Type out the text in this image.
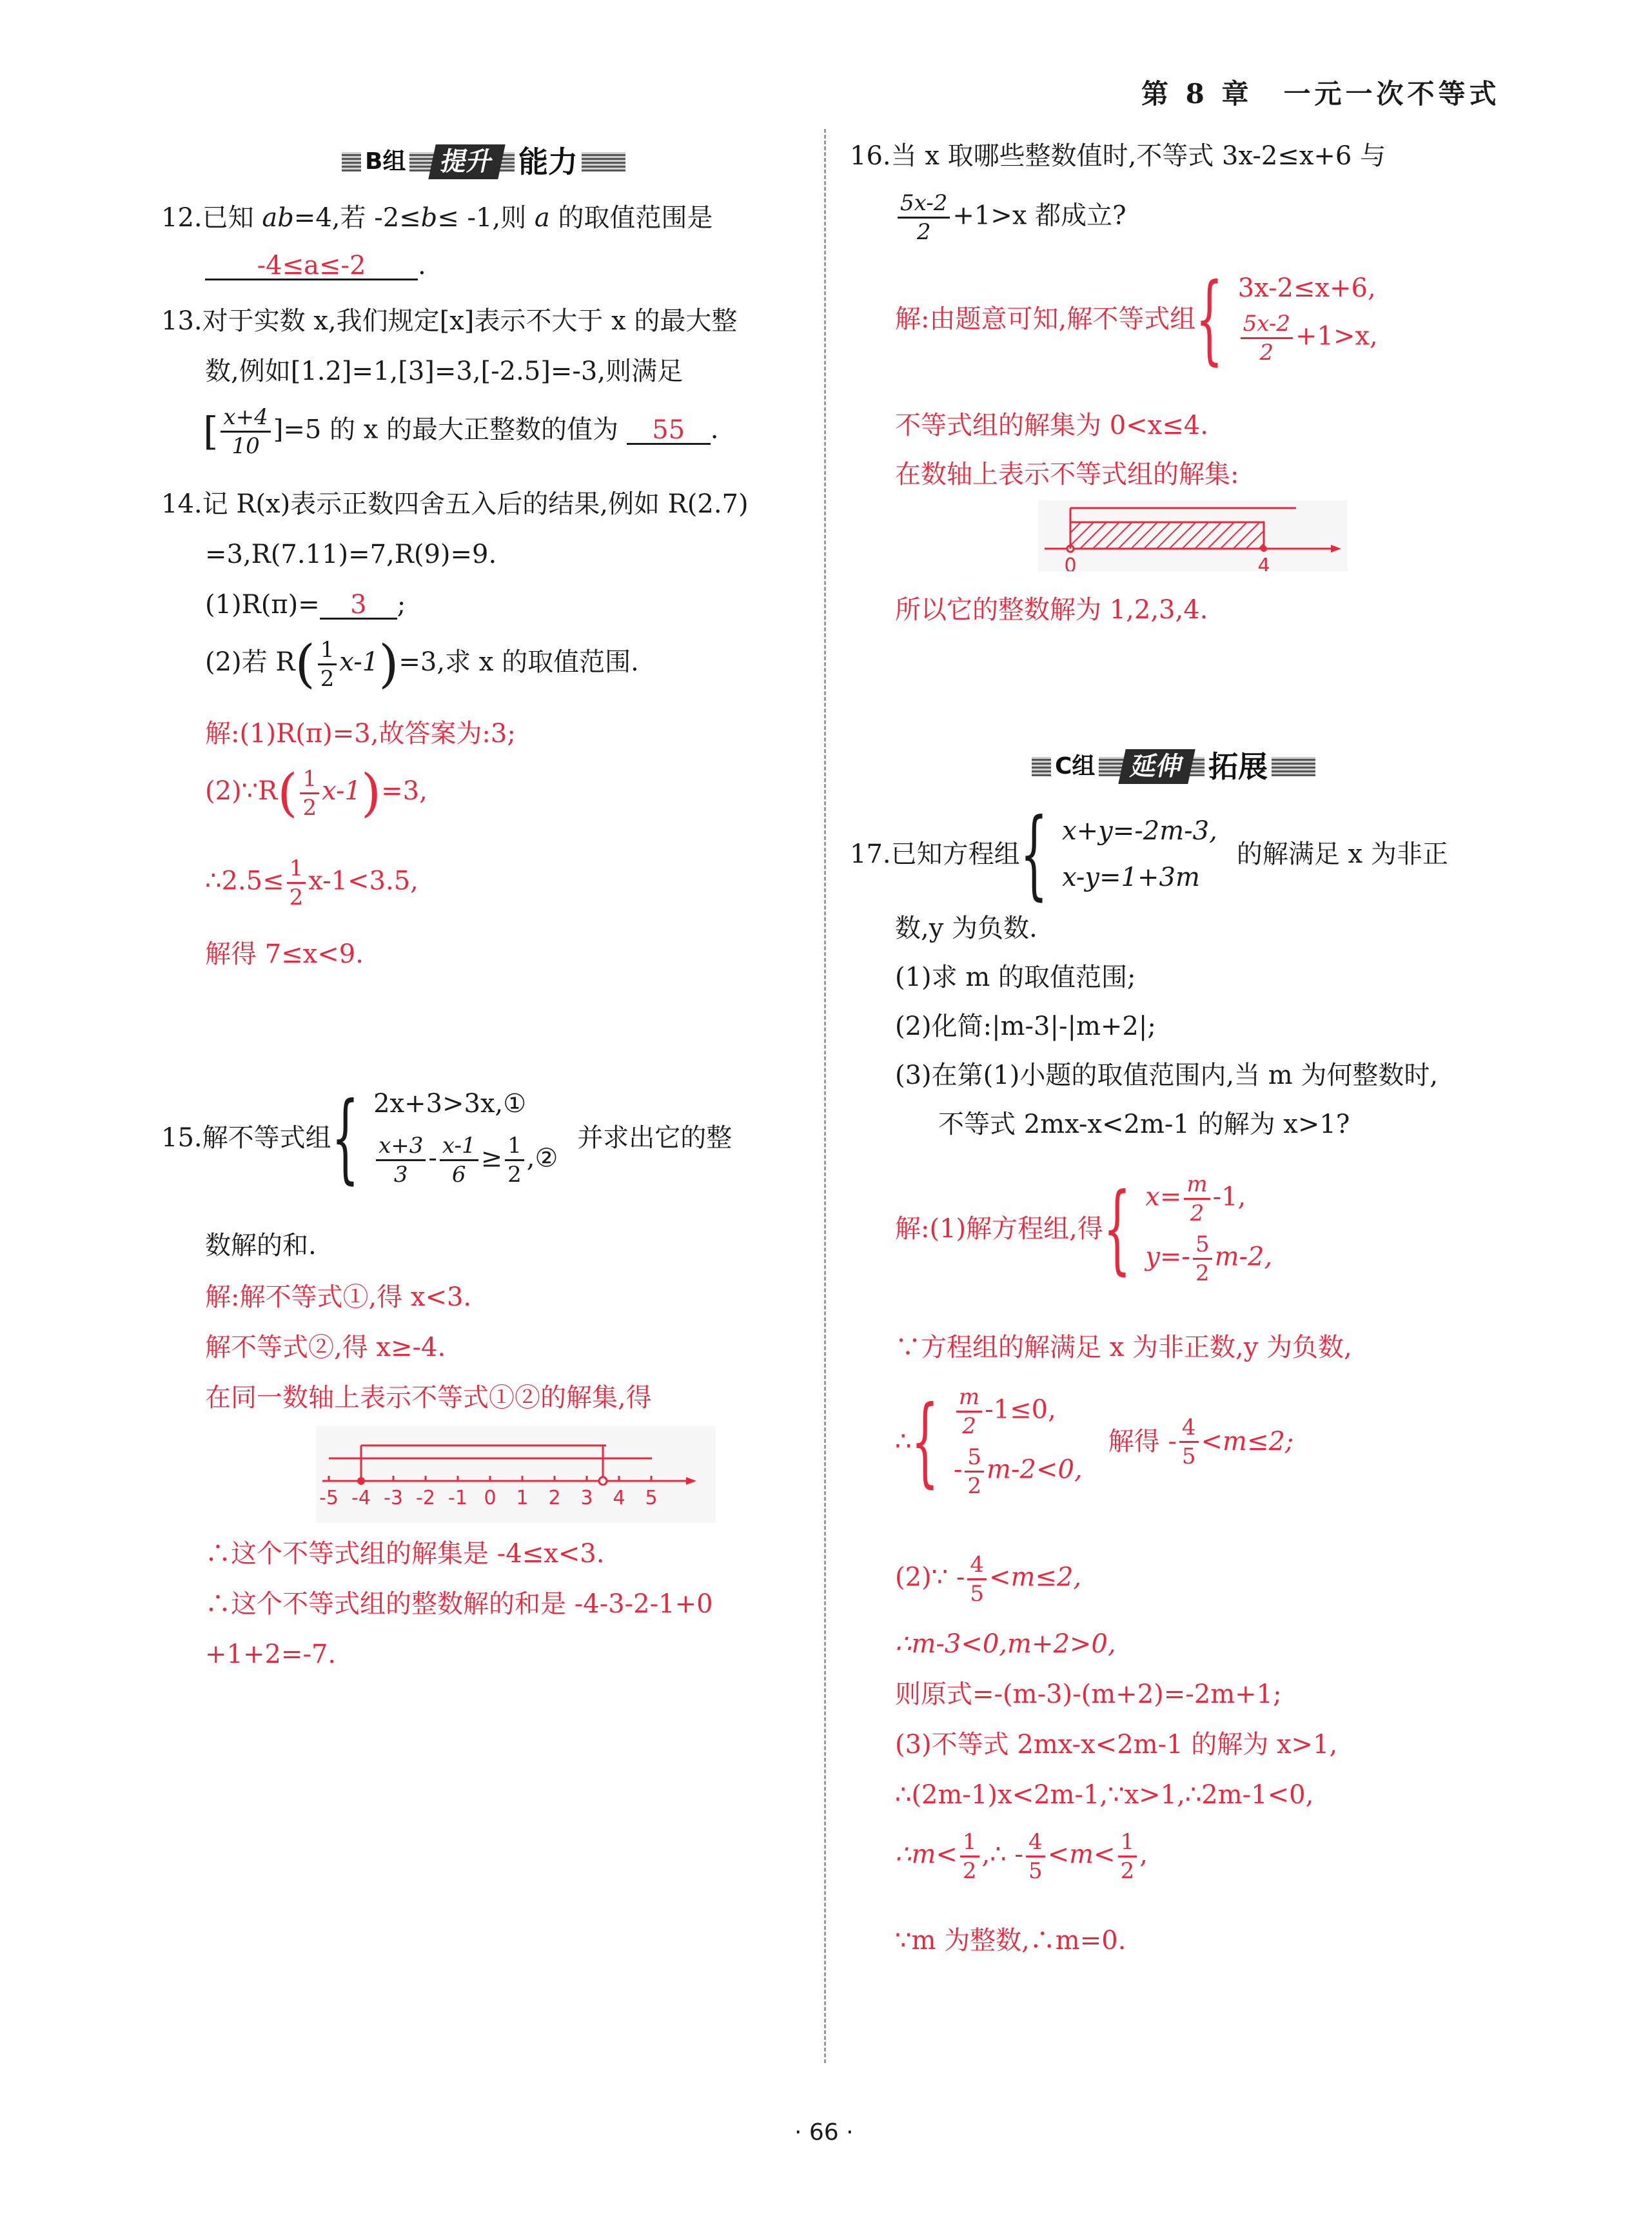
第 8 章　一元一次不等式
B组	提升 能力
12.已知 ab=4,若 -2≤b≤ -1,则 a 的取值范围是
-4≤a≤-2 .
13.对于实数 x,我们规定[x]表示不大于 x 的最大整
数,例如[1.2]=1,[3]=3,[-2.5]=-3,则满足
[ $\frac{x+4}{10} ]=5$ 的 x 的最大正整数的值为 55 .
14.记 R(x)表示正数四舍五入后的结果,例如 R(2.7)
=3,R(7.11)=7,R(9)=9.
(1)R(π)= 3 ;
(2)若 $R( \frac{1}{2} x-1)=3$,求 x 的取值范围.
解:(1)R(π)=3,故答案为:3;
(2)∵R( $\frac{1}{2} x-1)=3$,
∴2.5≤ $\frac{1}{2} x-1<3.5$,
解得 7≤x<9.
15.解不等式组{ 2x+3>3x,①
$\frac{x+3}{3} - \frac{x-1}{6} \ge \frac{1}{2}$ ,②
并求出它的整
数解的和.
解:解不等式①,得 x<3.
解不等式②,得 x≥-4.
在同一数轴上表示不等式①②的解集,得
-5 -4 -3 -2 -1 0 1 2 3 4 5
∴这个不等式组的解集是 -4≤x<3.
∴这个不等式组的整数解的和是 -4-3-2-1+0
+1+2=-7.
16.当 x 取哪些整数值时,不等式 3x-2≤x+6 与
$\frac{5x-2}{2} +1>x$ 都成立?
解:由题意可知,解不等式组{ 3x-2≤x+6,
$\frac{5x-2}{2} +1>x$,
不等式组的解集为 0<x≤4.
在数轴上表示不等式组的解集:
0	4
所以它的整数解为 1,2,3,4.
C组	延伸 拓展
17.已知方程组{ x+y=-2m-3,
x-y=1+3m
的解满足 x 为非正
数,y 为负数.
(1)求 m 的取值范围;
(2)化简:|m-3|-|m+2|;
(3)在第(1)小题的取值范围内,当 m 为何整数时,
不等式 2mx-x<2m-1 的解为 x>1?
解:(1)解方程组,得{ $x= \frac{m}{2} -1$,
$y=- \frac{5}{2} m-2$,
∵方程组的解满足 x 为非正数,y 为负数,
∴{ $\frac{m}{2} -1\le 0$,
- $\frac{5}{2} m-2<0$,
解得 - $\frac{4}{5} <m\le 2$;
(2)∵ - $\frac{4}{5} <m\le 2$,
∴m-3<0,m+2>0,
则原式=-(m-3)-(m+2)=-2m+1;
(3)不等式 2mx-x<2m-1 的解为 x>1,
∴(2m-1)x<2m-1,∵x>1,∴2m-1<0,
∴m< $\frac{1}{2}$ ,∴ - $\frac{4}{5} <m< \frac{1}{2}$ ,
∵m 为整数,∴m=0.
· 66 ·
